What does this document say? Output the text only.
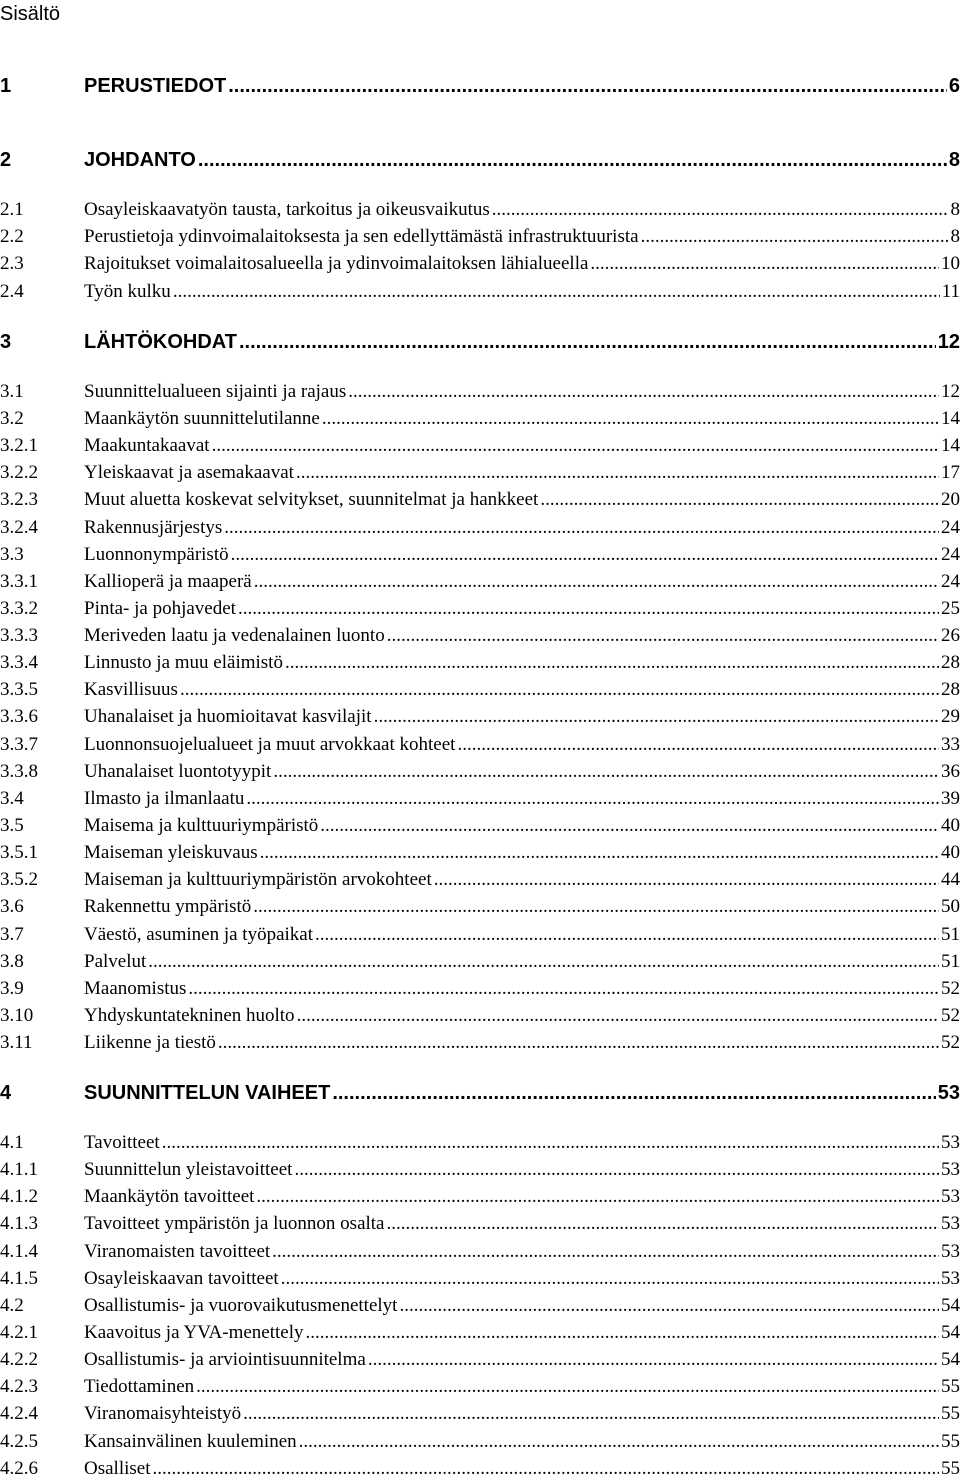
Sisältö
1	PERUSTIEDOT .....	6
2	JOHDANTO .....	8
2.1	Osayleiskaavatyön tausta, tarkoitus ja oikeusvaikutus .....	8
2.2	Perustietoja ydinvoimalaitoksesta ja sen edellyttämästä infrastruktuurista .....	8
2.3	Rajoitukset voimalaitosalueella ja ydinvoimalaitoksen lähialueella .....	10
2.4	Työn kulku .....	11
3	LÄHTÖKOHDAT .....	12
3.1	Suunnittelualueen sijainti ja rajaus .....	12
3.2	Maankäytön suunnittelutilanne .....	14
3.2.1	Maakuntakaavat .....	14
3.2.2	Yleiskaavat ja asemakaavat .....	17
3.2.3	Muut aluetta koskevat selvitykset, suunnitelmat ja hankkeet .....	20
3.2.4	Rakennusjärjestys .....	24
3.3	Luonnonympäristö .....	24
3.3.1	Kallioperä ja maaperä .....	24
3.3.2	Pinta- ja pohjavedet .....	25
3.3.3	Meriveden laatu ja vedenalainen luonto .....	26
3.3.4	Linnusto ja muu eläimistö .....	28
3.3.5	Kasvillisuus .....	28
3.3.6	Uhanalaiset ja huomioitavat kasvilajit .....	29
3.3.7	Luonnonsuojelualueet ja muut arvokkaat kohteet .....	33
3.3.8	Uhanalaiset luontotyypit .....	36
3.4	Ilmasto ja ilmanlaatu .....	39
3.5	Maisema ja kulttuuriympäristö .....	40
3.5.1	Maiseman yleiskuvaus .....	40
3.5.2	Maiseman ja kulttuuriympäristön arvokohteet .....	44
3.6	Rakennettu ympäristö .....	50
3.7	Väestö, asuminen ja työpaikat .....	51
3.8	Palvelut .....	51
3.9	Maanomistus .....	52
3.10	Yhdyskuntatekninen huolto .....	52
3.11	Liikenne ja tiestö .....	52
4	SUUNNITTELUN VAIHEET .....	53
4.1	Tavoitteet .....	53
4.1.1	Suunnittelun yleistavoitteet .....	53
4.1.2	Maankäytön tavoitteet .....	53
4.1.3	Tavoitteet ympäristön ja luonnon osalta .....	53
4.1.4	Viranomaisten tavoitteet .....	53
4.1.5	Osayleiskaavan tavoitteet .....	53
4.2	Osallistumis- ja vuorovaikutusmenettelyt .....	54
4.2.1	Kaavoitus ja YVA-menettely .....	54
4.2.2	Osallistumis- ja arviointisuunnitelma .....	54
4.2.3	Tiedottaminen .....	55
4.2.4	Viranomaisyhteistyö .....	55
4.2.5	Kansainvälinen kuuleminen .....	55
4.2.6	Osalliset .....	55
